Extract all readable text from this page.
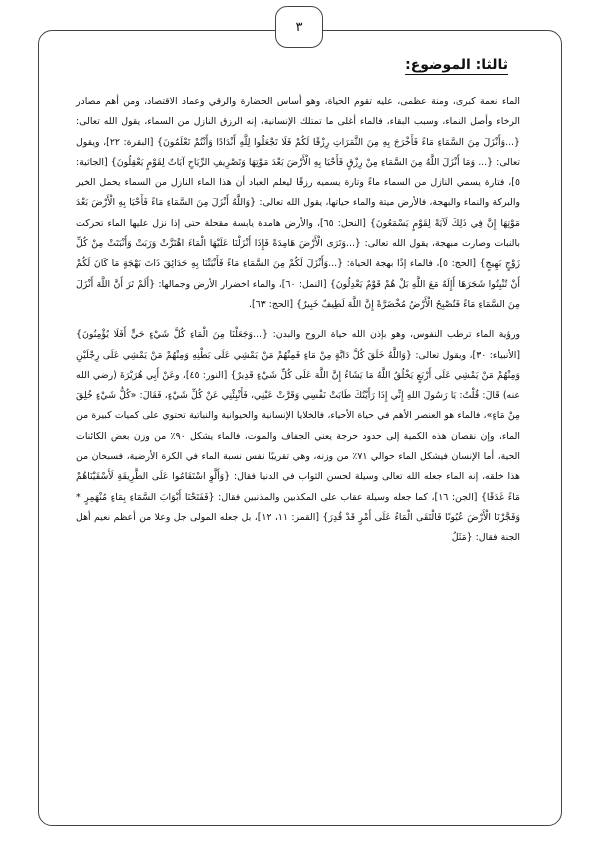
٣
ثالثا: الموضوع:

الماء نعمة كبرى، ومنة عظمى، عليه تقوم الحياة، وهو أساس الحضارة والرقي وعماد الاقتصاد، ومن أهم مصادر الرخاء وأصل النماء، وسبب البقاء، فالماء أغلى ما تمتلك الإنسانية، إنه الرزق النازل من السماء، يقول الله تعالى: {...وَأَنْزَلَ مِنَ السَّمَاءِ مَاءً فَأَخْرَجَ بِهِ مِنَ الثَّمَرَاتِ رِزْقًا لَكُمْ فَلَا تَجْعَلُوا لِلَّهِ أَنْدَادًا وَأَنْتُمْ تَعْلَمُونَ} [البقرة: ٢٢]، ويقول تعالى: {... وَمَا أَنْزَلَ اللَّهُ مِنَ السَّمَاءِ مِنْ رِزْقٍ فَأَحْيَا بِهِ الْأَرْضَ بَعْدَ مَوْتِهَا وَتَصْرِيفِ الرِّيَاحِ آيَاتٌ لِقَوْمٍ يَعْقِلُونَ} [الجاثية: ٥]، فتارة يسمي النازل من السماء ماءً وتارة يسميه رزقًا ليعلم العباد أن هذا الماء النازل من السماء يحمل الخير والبركة والنماء والبهجة، فالأرض ميتة والماء حياتها، يقول الله تعالى: {وَاللَّهُ أَنْزَلَ مِنَ السَّمَاءِ مَاءً فَأَحْيَا بِهِ الْأَرْضَ بَعْدَ مَوْتِهَا إِنَّ فِي ذَلِكَ لَآيَةً لِقَوْمٍ يَسْمَعُونَ} [النحل: ٦٥]، والأرض هامدة يابسة مقحلة حتى إذا نزل عليها الماء تحركت بالنبات وصارت مبهجة، يقول الله تعالى: {...وَتَرَى الْأَرْضَ هَامِدَةً فَإِذَا أَنْزَلْنَا عَلَيْهَا الْمَاءَ اهْتَزَّتْ وَرَبَتْ وَأَنْبَتَتْ مِنْ كُلِّ زَوْجٍ بَهِيجٍ} [الحج: ٥]، فالماء إذًا بهجة الحياة: {...وَأَنْزَلَ لَكُمْ مِنَ السَّمَاءِ مَاءً فَأَنْبَتْنَا بِهِ حَدَائِقَ ذَاتَ بَهْجَةٍ مَا كَانَ لَكُمْ أَنْ تُنْبِتُوا شَجَرَهَا أَإِلَهٌ مَعَ اللَّهِ بَلْ هُمْ قَوْمٌ يَعْدِلُونَ} [النمل: ٦٠]، والماء اخضرار الأرض وجمالها: {أَلَمْ تَرَ أَنَّ اللَّهَ أَنْزَلَ مِنَ السَّمَاءِ مَاءً فَتُصْبِحُ الْأَرْضُ مُخْضَرَّةً إِنَّ اللَّهَ لَطِيفٌ خَبِيرٌ} [الحج: ٦٣].

ورؤية الماء ترطب النفوس، وهو بإذن الله حياة الروح والبدن: {...وَجَعَلْنَا مِنَ الْمَاءِ كُلَّ شَيْءٍ حَيٍّ أَفَلَا يُؤْمِنُونَ} [الأنبياء: ٣٠]، ويقول تعالى: {وَاللَّهُ خَلَقَ كُلَّ دَابَّةٍ مِنْ مَاءٍ فَمِنْهُمْ مَنْ يَمْشِي عَلَى بَطْنِهِ وَمِنْهُمْ مَنْ يَمْشِي عَلَى رِجْلَيْنِ وَمِنْهُمْ مَنْ يَمْشِي عَلَى أَرْبَعٍ يَخْلُقُ اللَّهُ مَا يَشَاءُ إِنَّ اللَّهَ عَلَى كُلِّ شَيْءٍ قَدِيرٌ} [النور: ٤٥]، وعَنْ أَبِي هُرَيْرَةَ (رضي الله عنه) قَالَ: قُلْتُ: يَا رَسُولَ اللهِ إِنِّي إِذَا رَأَيْتُكَ طَابَتْ نَفْسِي وَقَرَّتْ عَيْنِي، فَأَنْبِئْنِي عَنْ كُلِّ شَيْءٍ، فَقَالَ: «كُلُّ شَيْءٍ خُلِقَ مِنْ مَاءٍ»، فالماء هو العنصر الأهم في حياة الأحياء، فالخلايا الإنسانية والحيوانية والنباتية تحتوي على كميات كبيرة من الماء، وإن نقصان هذه الكمية إلى حدود حرجة يعني الجفاف والموت، فالماء يشكل ٩٠٪ من وزن بعض الكائنات الحية، أما الإنسان فيشكل الماء حوالي ٧١٪ من وزنه، وهي تقريبًا نفس نسبة الماء في الكرة الأرضية، فسبحان من هذا خلقه، إنه الماء جعله الله تعالى وسيلة لحسن الثواب في الدنيا فقال: {وَأَلَّوِ اسْتَقَامُوا عَلَى الطَّرِيقَةِ لَأَسْقَيْنَاهُمْ مَاءً غَدَقًا} [الجن: ١٦]، كما جعله وسيلة عقاب على المكذبين والمذنبين فقال: {فَفَتَحْنَا أَبْوَابَ السَّمَاءِ بِمَاءٍ مُنْهَمِرٍ * وَفَجَّرْنَا الْأَرْضَ عُيُونًا فَالْتَقَى الْمَاءُ عَلَى أَمْرٍ قَدْ قُدِرَ} [القمر: ١١، ١٢]، بل جعله المولى جل وعلا من أعظم نعيم أهل الجنة فقال: {مَثَلُ
